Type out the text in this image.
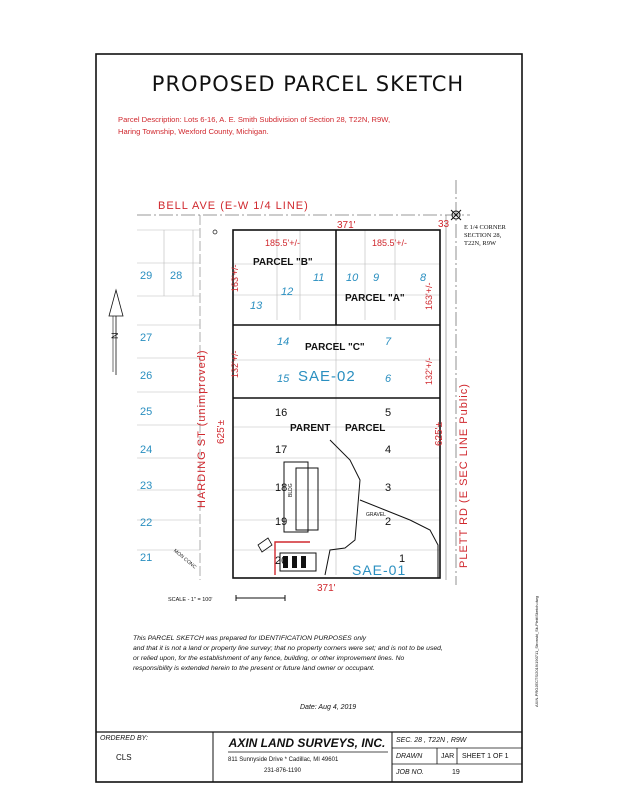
PROPOSED PARCEL SKETCH
Parcel Description: Lots 6-16, A. E. Smith Subdivision of Section 28, T22N, R9W,
Haring Township, Wexford County, Michigan.
BELL AVE (E-W 1/4 LINE)
371'	33 E 1/4 CORNER
SECTION 28,
T22N, R9W
185.5'+/-	185.5'+/-
163'+/-
163'+/-
132'+/-	132'+/-
PARCEL "B"
PARCEL "A"
PARCEL "C"
PARENT PARCEL
11
12
13
10 9	8
14	7
15	6
SAE-02
16	5
17	4
18	3
19	2
20	1
SAE-01
BLDG
GRAVEL
MON CONC
29 28
27
26
25
24
23
22
21
N
HARDING ST (unimproved) 625'±	PLETT RD (E SEC LINE Public)
625'±
371'
SCALE - 1" = 100'
This PARCEL SKETCH was prepared for IDENTIFICATION PURPOSES only
and that it is not a land or property line survey; that no property corners were set; and is not to be used,
or relied upon, for the establishment of any fence, building, or other improvement lines. No
responsibility is extended herein to the present or future land owner or occupant.
Date: Aug 4, 2019
AXIN-PROJECTS\2019\190711_Stronski_Sk-Plett\Sketch.dwg
ORDERED BY:
CLS
AXIN LAND SURVEYS, INC.
811 Sunnyside Drive * Cadillac, MI 49601
231-876-1190
SEC. 28 , T22N , R9W
DRAWN	JAR SHEET 1 OF 1
JOB NO.	19
